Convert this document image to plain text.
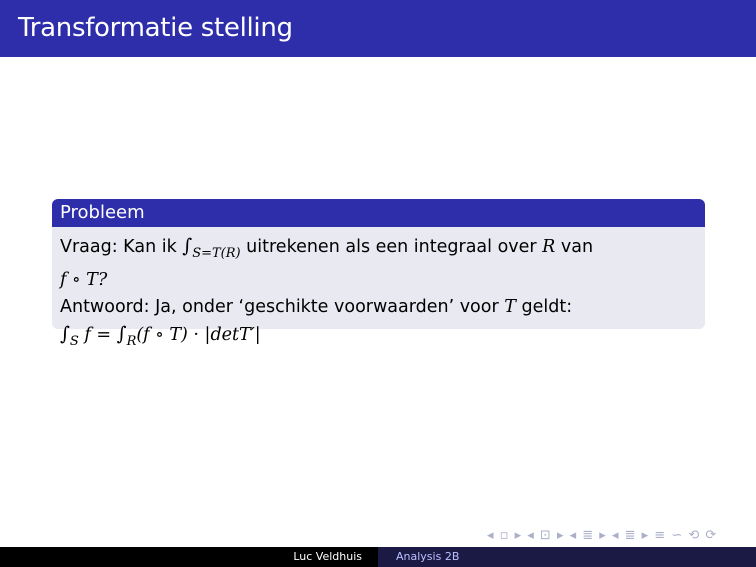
Transformatie stelling
Probleem
Vraag: Kan ik $\int_{S=T(R)}$ uitrekenen als een integraal over R van
f ∘ T?
Antwoord: Ja, onder ‘geschikte voorwaarden’ voor T geldt:
$\int_S$ $f = \int_R(f$ ∘ T) · |detT′|
◂ ▫ ▸ ◂ ⊡ ▸ ◂ ≣ ▸ ◂ ≣ ▸ ≡ ∽ ⟲ ⟳
Luc Veldhuis	Analysis 2B
